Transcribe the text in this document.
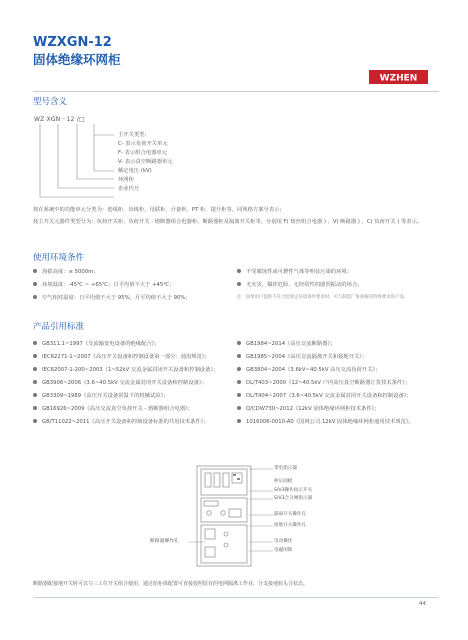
WZXGN-12
固体绝缘环网柜
WZHEN
型号含义
WZ XGN－12 /□
主开关类型:
C- 表示负荷开关单元
F- 表示组合电器单元
V- 表示真空断路器单元
额定电压 (kV)
环网柜
企业代号
按在系统中的功能单元分类为：进线柜、出线柜、母联柜、计量柜、PT 柜、提升柜等，同规格方案号表示；
按主开关元器件类型分为：负荷开关柜、负荷开关 - 熔断器组合电器柜、断路器柜及隔离开关柜等，分别用 F( 熔丝组合电器 ) 、V( 断路器 ) 、C( 负荷开关 ) 等表示。
使用环境条件
海拔高度：≤ 5000m；
环境温度：-45℃ ~ +65℃；日平均值不大于 +45℃；
空气相对温度：日平均值不大于 95%，月平均值不大于 90%；
不受腐蚀性或可燃性气体等明显污染的环境；
无火灾、爆炸危险、无经常性的剧烈振动的场合。
注：如果用户提供不符合此规定环境条件要求时，可与制造厂协商解决特殊要求的产品。
产品引用标准
GB311.1~1997《交流输变电设备的绝缘配合》；
IEC62271-1~2007《高压开关设备和控制设备第一部分：通用规范》；
IEC62007-1-200~2003《1~52kV 交流金属封闭开关设备和控制设备》；
GB3906~2006《3.6~40.5kV 交流金属封闭开关设备和控制设备》；
GB3309~1989《高压开关设备常温下的机械试验》；
GB16926~2009《高压交流真空负荷开关 - 熔断器组合电器》；
GB/T11022~2011《高压开关设备和控制设备标准的共用技术条件》；
GB1984~2014《高压交流断路器》；
GB1985~2004《高压交流隔离开关和接地开关》；
GB3804~2004《3.6kV~40.5kV 高压交流负荷开关》；
DL/T403~2000《12~40.5kV 户内高压真空断路器订货技术条件》；
DL/T404~2007《3.6~40.5kV 交流金属封闭开关设备和控制设备》；
Q/CDW730~2012《12kV 固体绝缘环网柜技术条件》；
1016006-0010-A0《国网公司 12kV 固体绝缘环网柜通用技术规范》。
断路器操作孔
带电指示器
柜后面板
S/V3操作指示开关
S/V3合分闸指示器
隔离开关操作孔
接地开关操作孔
电动操作
电磁闭锁
断路器配接地开关时可以与三工位开关组合使用，通过给柜体配置可直接按照原有的电网隔离工作业，分支接地转头合状态。
44
